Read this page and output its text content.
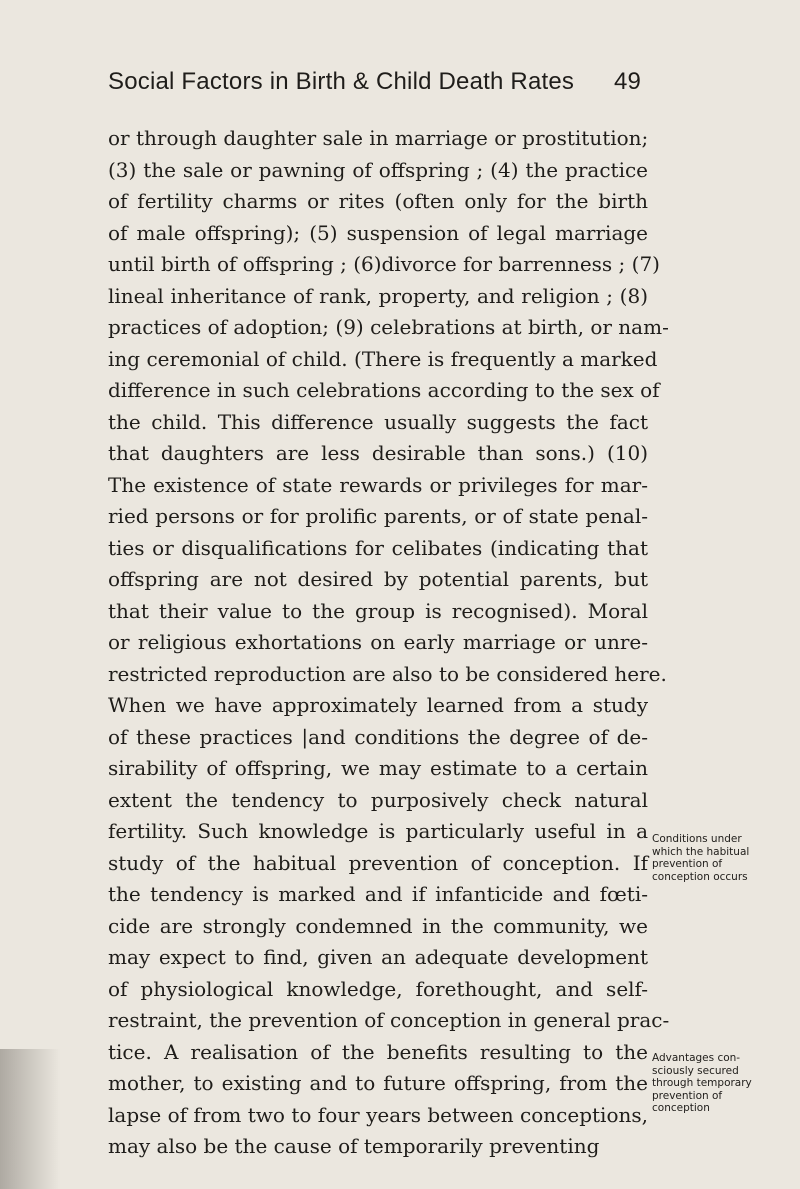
Social Factors in Birth & Child Death Rates 49
or through daughter sale in marriage or prostitution;
(3) the sale or pawning of offspring ; (4) the practice
of fertility charms or rites (often only for the birth
of male offspring); (5) suspension of legal marriage
until birth of offspring ; (6)divorce for barrenness ; (7)
lineal inheritance of rank, property, and religion ; (8)
practices of adoption; (9) celebrations at birth, or nam-
ing ceremonial of child. (There is frequently a marked
difference in such celebrations according to the sex of
the child. This difference usually suggests the fact
that daughters are less desirable than sons.) (10)
The existence of state rewards or privileges for mar-
ried persons or for prolific parents, or of state penal-
ties or disqualifications for celibates (indicating that
offspring are not desired by potential parents, but
that their value to the group is recognised). Moral
or religious exhortations on early marriage or unre-
restricted reproduction are also to be considered here.
When we have approximately learned from a study
of these practices |and conditions the degree of de-
sirability of offspring, we may estimate to a certain
extent the tendency to purposively check natural
fertility. Such knowledge is particularly useful in a
study of the habitual prevention of conception. If
the tendency is marked and if infanticide and fœti-
cide are strongly condemned in the community, we
may expect to find, given an adequate development
of physiological knowledge, forethought, and self-
restraint, the prevention of conception in general prac-
tice. A realisation of the benefits resulting to the
mother, to existing and to future offspring, from the
lapse of from two to four years between conceptions,
may also be the cause of temporarily preventing
Conditions under
which the habitual
prevention of
conception occurs
Advantages con-
sciously secured
through temporary
prevention of
conception
